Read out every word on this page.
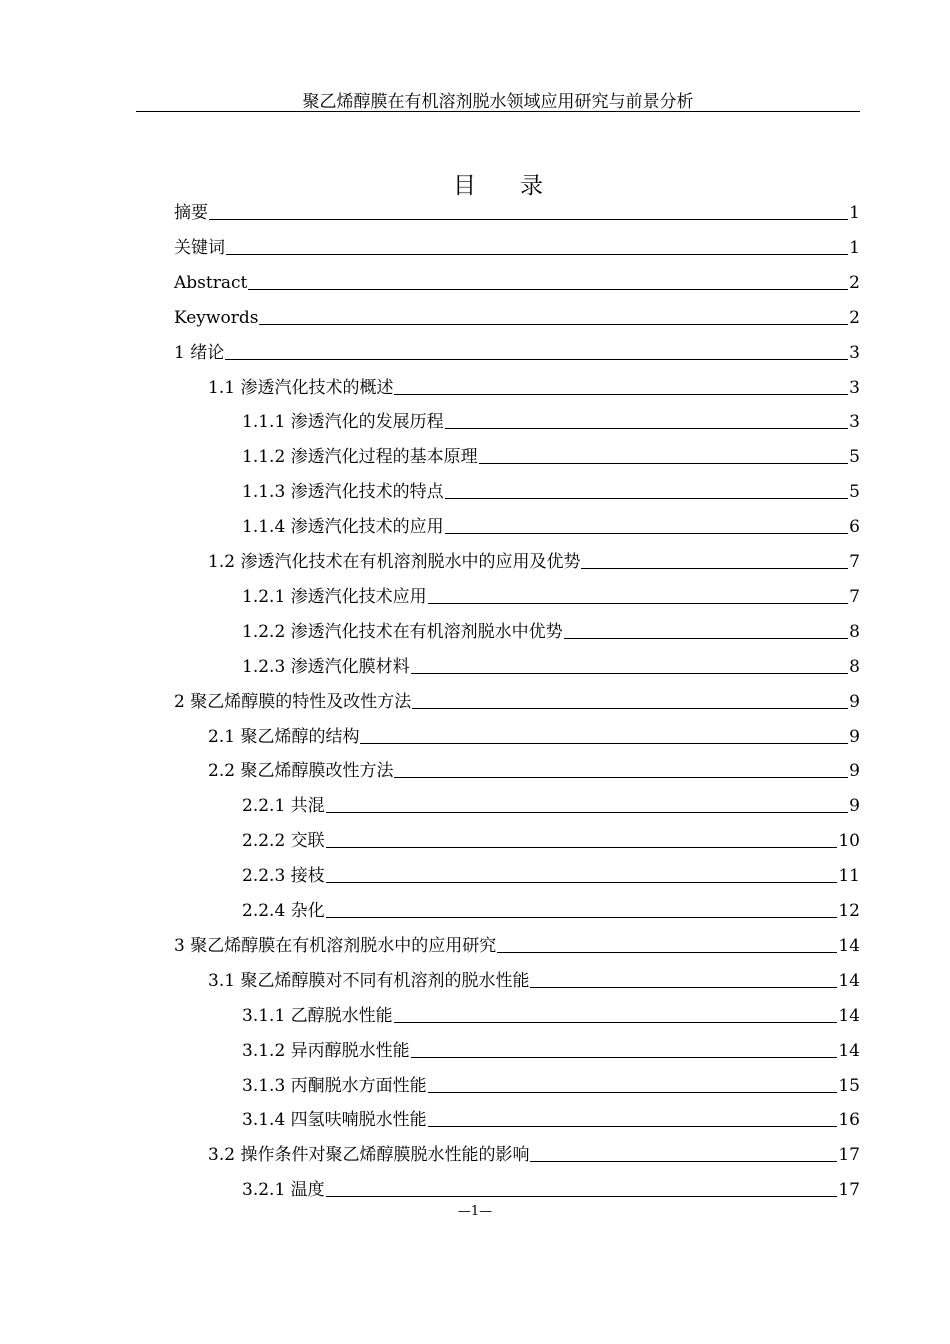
聚乙烯醇膜在有机溶剂脱水领域应用研究与前景分析
目录
摘要	1
关键词	1
Abstract	2
Keywords	2
1 绪论	3
1.1 渗透汽化技术的概述	3
1.1.1 渗透汽化的发展历程	3
1.1.2 渗透汽化过程的基本原理	5
1.1.3 渗透汽化技术的特点	5
1.1.4 渗透汽化技术的应用	6
1.2 渗透汽化技术在有机溶剂脱水中的应用及优势	7
1.2.1 渗透汽化技术应用	7
1.2.2 渗透汽化技术在有机溶剂脱水中优势	8
1.2.3 渗透汽化膜材料	8
2 聚乙烯醇膜的特性及改性方法	9
2.1 聚乙烯醇的结构	9
2.2 聚乙烯醇膜改性方法	9
2.2.1 共混	9
2.2.2 交联	10
2.2.3 接枝	11
2.2.4 杂化	12
3 聚乙烯醇膜在有机溶剂脱水中的应用研究	14
3.1 聚乙烯醇膜对不同有机溶剂的脱水性能	14
3.1.1 乙醇脱水性能	14
3.1.2 异丙醇脱水性能	14
3.1.3 丙酮脱水方面性能	15
3.1.4 四氢呋喃脱水性能	16
3.2 操作条件对聚乙烯醇膜脱水性能的影响	17
3.2.1 温度	17
—1—
